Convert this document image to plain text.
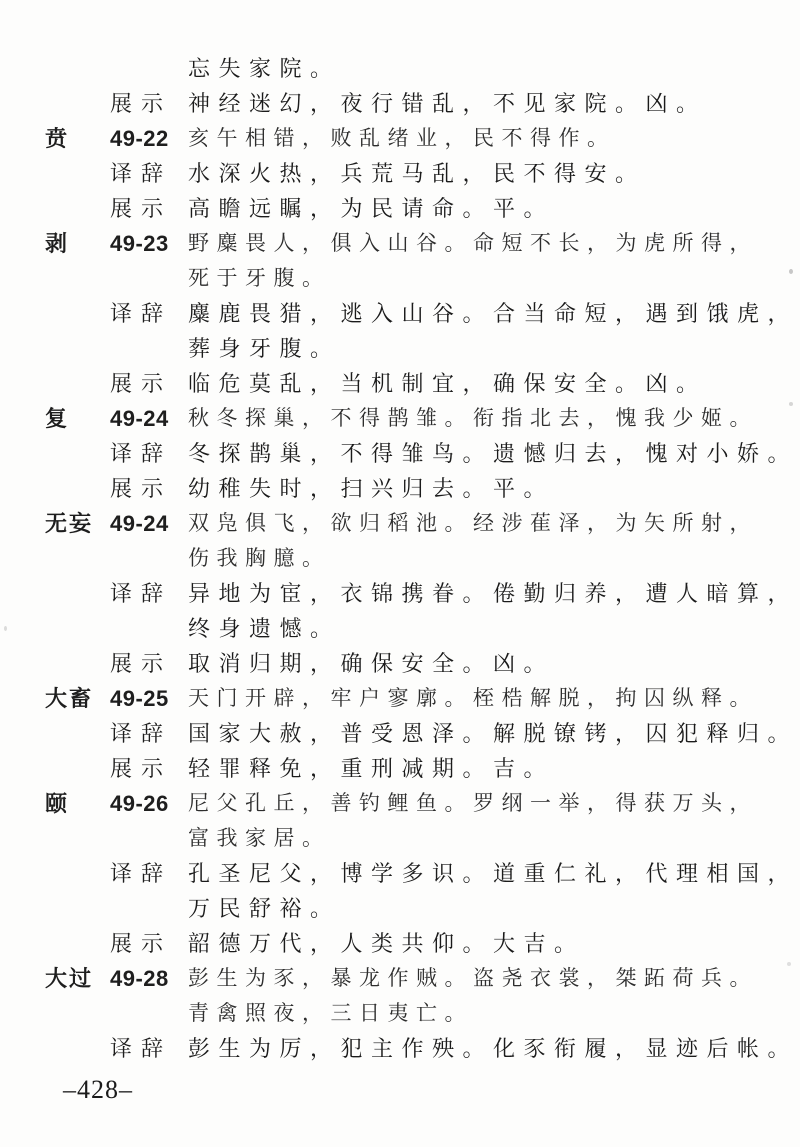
忘失家院。
展示 神经迷幻，夜行错乱，不见家院。凶。
贲	49-22 亥午相错，败乱绪业，民不得作。
译辞 水深火热，兵荒马乱，民不得安。
展示 高瞻远瞩，为民请命。平。
剥	49-23 野麋畏人，俱入山谷。命短不长，为虎所得，
死于牙腹。
译辞 麋鹿畏猎，逃入山谷。合当命短，遇到饿虎，
葬身牙腹。
展示 临危莫乱，当机制宜，确保安全。凶。
复	49-24 秋冬探巢，不得鹊雏。衔指北去，愧我少姬。
译辞 冬探鹊巢，不得雏鸟。遗憾归去，愧对小娇。
展示 幼稚失时，扫兴归去。平。
无妄 49-24 双凫俱飞，欲归稻池。经涉萑泽，为矢所射，
伤我胸臆。
译辞 异地为宦，衣锦携眷。倦勤归养，遭人暗算，
终身遗憾。
展示 取消归期，确保安全。凶。
大畜 49-25 天门开辟，牢户寥廓。桎梏解脱，拘囚纵释。
译辞 国家大赦，普受恩泽。解脱镣铐，囚犯释归。
展示 轻罪释免，重刑减期。吉。
颐	49-26 尼父孔丘，善钓鲤鱼。罗纲一举，得获万头，
富我家居。
译辞 孔圣尼父，博学多识。道重仁礼，代理相国，
万民舒裕。
展示 韶德万代，人类共仰。大吉。
大过 49-28 彭生为豕，暴龙作贼。盗尧衣裳，桀跖荷兵。
青禽照夜，三日夷亡。
译辞 彭生为厉，犯主作殃。化豕衔履，显迹后帐。
–428–
